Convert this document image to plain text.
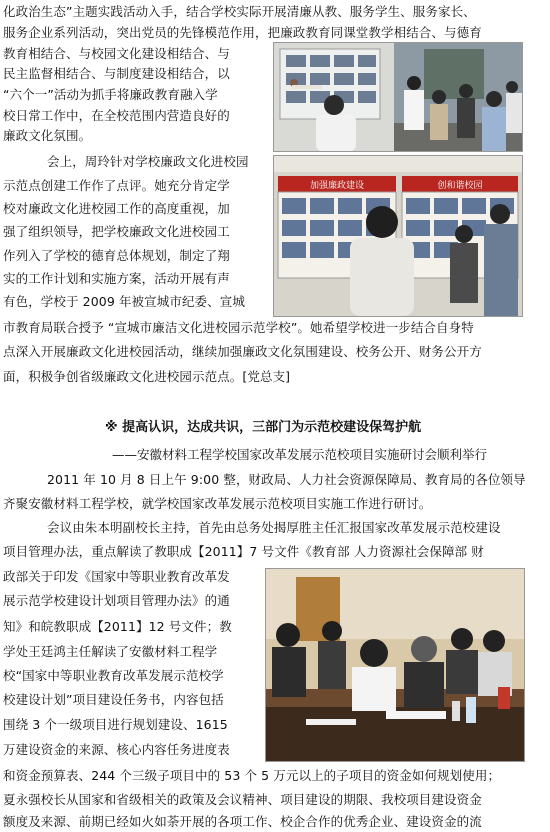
化政治生态”主题实践活动入手，结合学校实际开展清廉从教、服务学生、服务家长、

服务企业系列活动，突出党员的先锋模范作用，把廉政教育同课堂教学相结合、与德育

教育相结合、与校园文化建设相结合、与

民主监督相结合、与制度建设相结合，以

“六个一”活动为抓手将廉政教育融入学

校日常工作中，在全校范围内营造良好的

廉政文化氛围。

会上，周玲针对学校廉政文化进校园

示范点创建工作作了点评。她充分肯定学

校对廉政文化进校园工作的高度重视，加

强了组织领导，把学校廉政文化进校园工

作列入了学校的德育总体规划，制定了翔

实的工作计划和实施方案，活动开展有声

有色，学校于 2009 年被宣城市纪委、宣城

市教育局联合授予 “宣城市廉洁文化进校园示范学校”。她希望学校进一步结合自身特

点深入开展廉政文化进校园活动，继续加强廉政文化氛围建设、校务公开、财务公开方

面，积极争创省级廉政文化进校园示范点。[党总支]

加强廉政建设	创和谐校园

※ 提高认识，达成共识，三部门为示范校建设保驾护航

——安徽材料工程学校国家改革发展示范校项目实施研讨会顺利举行

2011 年 10 月 8 日上午 9:00 整，财政局、人力社会资源保障局、教育局的各位领导

齐聚安徽材料工程学校，就学校国家改革发展示范校项目实施工作进行研讨。

会议由朱本明副校长主持，首先由总务处揭厚胜主任汇报国家改革发展示范校建设

项目管理办法，重点解读了教职成【2011】7 号文件《教育部 人力资源社会保障部 财

政部关于印发《国家中等职业教育改革发

展示范学校建设计划项目管理办法》的通

知》和皖教职成【2011】12 号文件；教

学处王廷鸿主任解读了安徽材料工程学

校“国家中等职业教育改革发展示范校学

校建设计划”项目建设任务书，内容包括

围绕 3 个一级项目进行规划建设、1615

万建设资金的来源、核心内容任务进度表

和资金预算表、244 个三级子项目中的 53 个 5 万元以上的子项目的资金如何规划使用；

夏永强校长从国家和省级相关的政策及会议精神、项目建设的期限、我校项目建设资金

额度及来源、前期已经如火如荼开展的各项工作、校企合作的优秀企业、建设资金的流
